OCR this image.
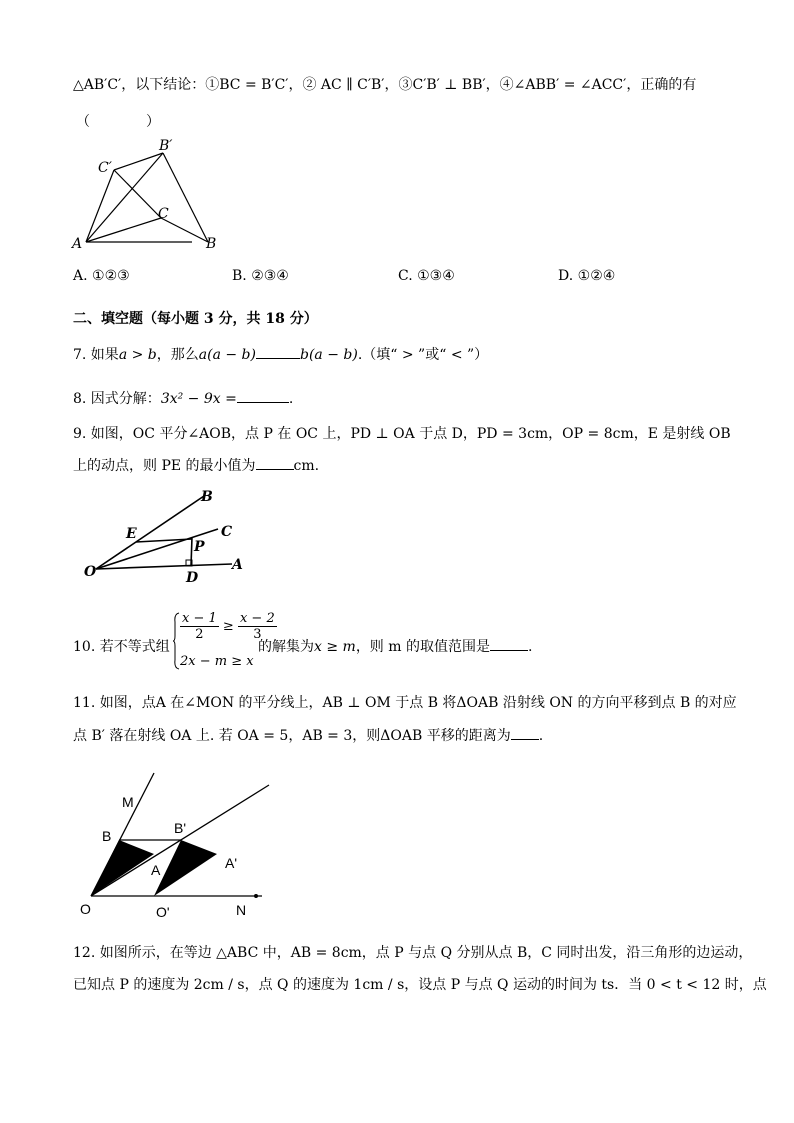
△AB′C′，以下结论：①BC = B′C′，② AC ∥ C′B′，③C′B′ ⊥ BB′，④∠ABB′ = ∠ACC′，正确的有
（　　　　）
A	B
C
B′
C′
A. ①②③	B. ②③④	C. ①③④	D. ①②④
二、填空题（每小题 3 分，共 18 分）
7. 如果a > b，那么a(a − b)	b(a − b).（填“ > ”或“ < ”）
8. 因式分解：3x² − 9x =	.
9. 如图，OC 平分∠AOB，点 P 在 OC 上，PD ⊥ OA 于点 D，PD = 3cm，OP = 8cm，E 是射线 OB
上的动点，则 PE 的最小值为	cm.
O	A
B
C
E
P
D
10. 若不等式组
$\frac{x - 1}{2} \ge \frac{x - 2}{3}$
2x − m ≥ x
的解集为x ≥ m，则 m 的取值范围是	.
11. 如图，点A 在∠MON 的平分线上，AB ⊥ OM 于点 B 将ΔOAB 沿射线 ON 的方向平移到点 B 的对应
点 B′ 落在射线 OA 上. 若 OA = 5，AB = 3，则ΔOAB 平移的距离为 .
M
B	B'
A	A'
O	O'	N
12. 如图所示，在等边 △ABC 中，AB = 8cm，点 P 与点 Q 分别从点 B，C 同时出发，沿三角形的边运动，
已知点 P 的速度为 2cm / s，点 Q 的速度为 1cm / s，设点 P 与点 Q 运动的时间为 ts．当 0 < t < 12 时，点
